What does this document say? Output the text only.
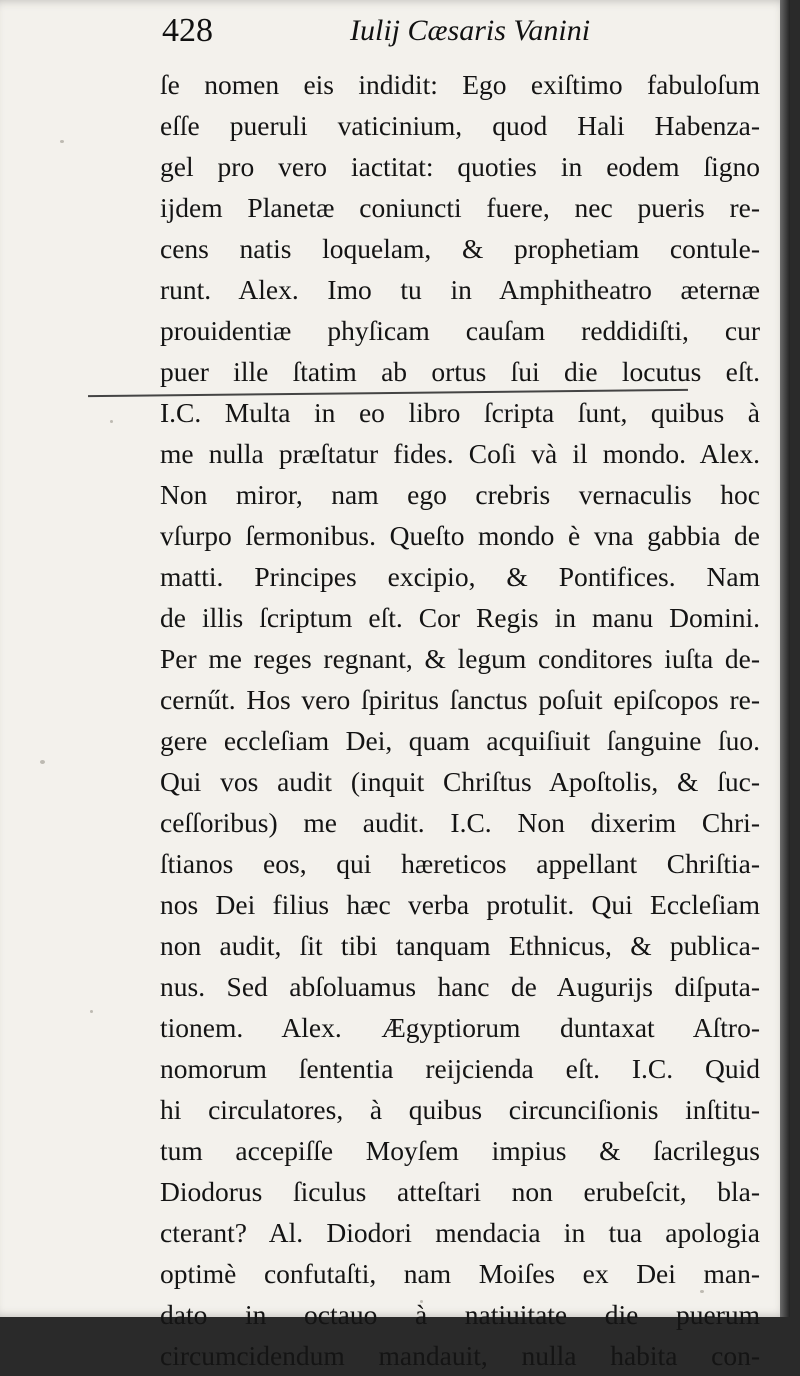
428	Iulij Cæsaris Vanini
ſe nomen eis indidit: Ego exiſtimo fabuloſum
eſſe pueruli vaticinium, quod Hali Habenza-
gel pro vero iactitat: quoties in eodem ſigno
ijdem Planetæ coniuncti fuere, nec pueris re-
cens natis loquelam, & prophetiam contule-
runt. Alex. Imo tu in Amphitheatro æternæ
prouidentiæ phyſicam cauſam reddidiſti, cur
puer ille ſtatim ab ortus ſui die locutus eſt.
I.C. Multa in eo libro ſcripta ſunt, quibus à
me nulla præſtatur fides. Coſi và il mondo. Alex.
Non miror, nam ego crebris vernaculis hoc
vſurpo ſermonibus. Queſto mondo è vna gabbia de
matti. Principes excipio, & Pontifices. Nam
de illis ſcriptum eſt. Cor Regis in manu Domini.
Per me reges regnant, & legum conditores iuſta de-
cernűt. Hos vero ſpiritus ſanctus poſuit epiſcopos re-
gere eccleſiam Dei, quam acquiſiuit ſanguine ſuo.
Qui vos audit (inquit Chriſtus Apoſtolis, & ſuc-
ceſſoribus) me audit. I.C. Non dixerim Chri-
ſtianos eos, qui hæreticos appellant Chriſtia-
nos Dei filius hæc verba protulit. Qui Eccleſiam
non audit, ſit tibi tanquam Ethnicus, & publica-
nus. Sed abſoluamus hanc de Augurijs diſputa-
tionem. Alex. Ægyptiorum duntaxat Aſtro-
nomorum ſententia reijcienda eſt. I.C. Quid
hi circulatores, à quibus circunciſionis inſtitu-
tum accepiſſe Moyſem impius & ſacrilegus
Diodorus ſiculus atteſtari non erubeſcit, bla-
cterant? Al. Diodori mendacia in tua apologia
optimè confutaſti, nam Moiſes ex Dei man-
dato in octauo à natiuitate die puerum
circumcidendum mandauit, nulla habita con-
